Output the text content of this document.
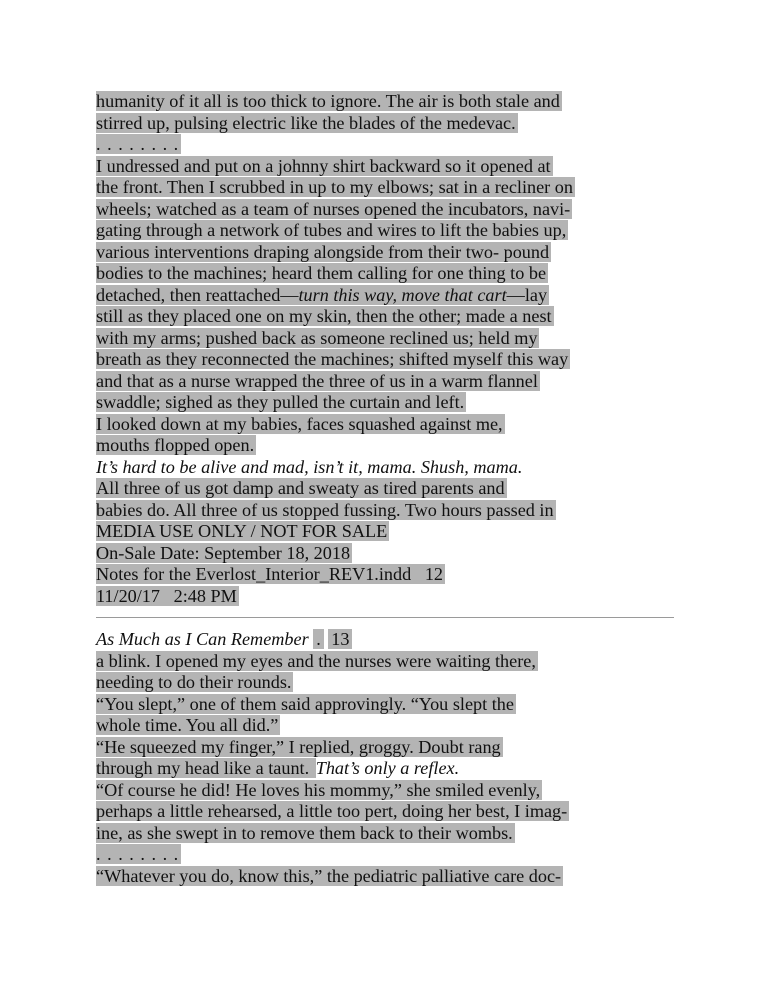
humanity of it all is too thick to ignore. The air is both stale and
stirred up, pulsing electric like the blades of the medevac.
. . . . . . . .
I undressed and put on a johnny shirt backward so it opened at
the front. Then I scrubbed in up to my elbows; sat in a recliner on
wheels; watched as a team of nurses opened the incubators, navi-
gating through a network of tubes and wires to lift the babies up,
various interventions draping alongside from their two- pound
bodies to the machines; heard them calling for one thing to be
detached, then reattached—turn this way, move that cart—lay
still as they placed one on my skin, then the other; made a nest
with my arms; pushed back as someone reclined us; held my
breath as they reconnected the machines; shifted myself this way
and that as a nurse wrapped the three of us in a warm flannel
swaddle; sighed as they pulled the curtain and left.
I looked down at my babies, faces squashed against me,
mouths flopped open.
It’s hard to be alive and mad, isn’t it, mama. Shush, mama.
All three of us got damp and sweaty as tired parents and
babies do. All three of us stopped fussing. Two hours passed in
MEDIA USE ONLY / NOT FOR SALE
On-Sale Date: September 18, 2018
Notes for the Everlost_Interior_REV1.indd   12
11/20/17   2:48 PM
As Much as I Can Remember . 13
a blink. I opened my eyes and the nurses were waiting there,
needing to do their rounds.
“You slept,” one of them said approvingly. “You slept the
whole time. You all did.”
“He squeezed my finger,” I replied, groggy. Doubt rang
through my head like a taunt. That’s only a reflex.
“Of course he did! He loves his mommy,” she smiled evenly,
perhaps a little rehearsed, a little too pert, doing her best, I imag-
ine, as she swept in to remove them back to their wombs.
. . . . . . . .
“Whatever you do, know this,” the pediatric palliative care doc-
